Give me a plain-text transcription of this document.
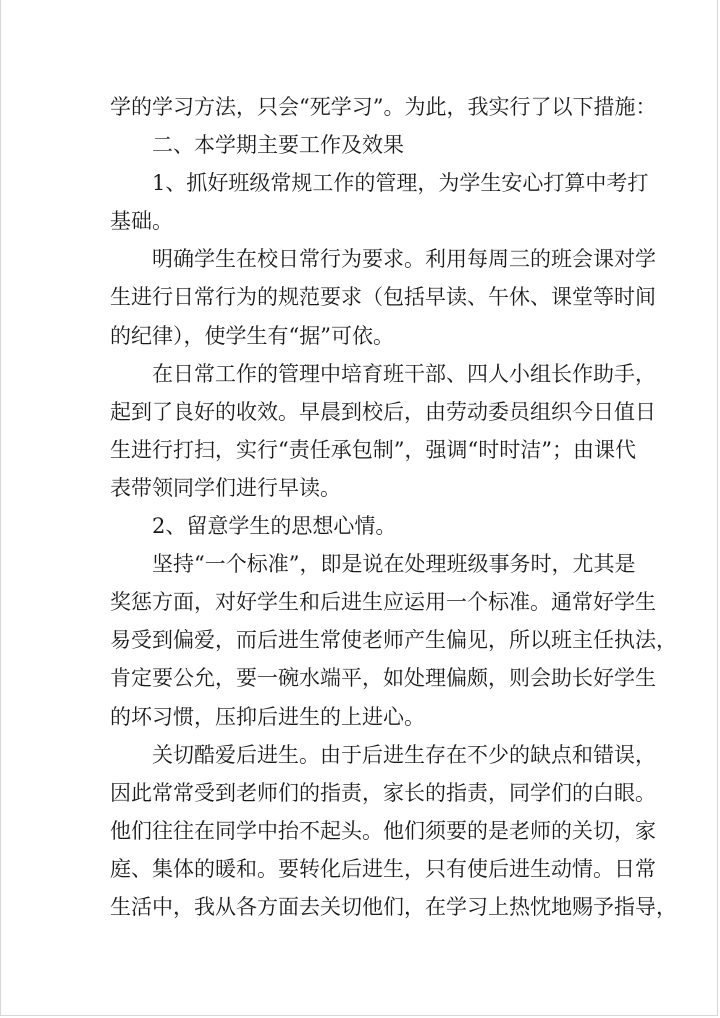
学的学习方法，只会“死学习”。为此，我实行了以下措施：
二、本学期主要工作及效果
1、抓好班级常规工作的管理，为学生安心打算中考打
基础。
明确学生在校日常行为要求。利用每周三的班会课对学
生进行日常行为的规范要求（包括早读、午休、课堂等时间
的纪律），使学生有“据”可依。
在日常工作的管理中培育班干部、四人小组长作助手，
起到了良好的收效。早晨到校后，由劳动委员组织今日值日
生进行打扫，实行“责任承包制”，强调“时时洁”；由课代
表带领同学们进行早读。
2、留意学生的思想心情。
坚持“一个标准”，即是说在处理班级事务时，尤其是
奖惩方面，对好学生和后进生应运用一个标准。通常好学生
易受到偏爱，而后进生常使老师产生偏见，所以班主任执法，
肯定要公允，要一碗水端平，如处理偏颇，则会助长好学生
的坏习惯，压抑后进生的上进心。
关切酷爱后进生。由于后进生存在不少的缺点和错误，
因此常常受到老师们的指责，家长的指责，同学们的白眼。
他们往往在同学中抬不起头。他们须要的是老师的关切，家
庭、集体的暖和。要转化后进生，只有使后进生动情。日常
生活中，我从各方面去关切他们，在学习上热忱地赐予指导，
